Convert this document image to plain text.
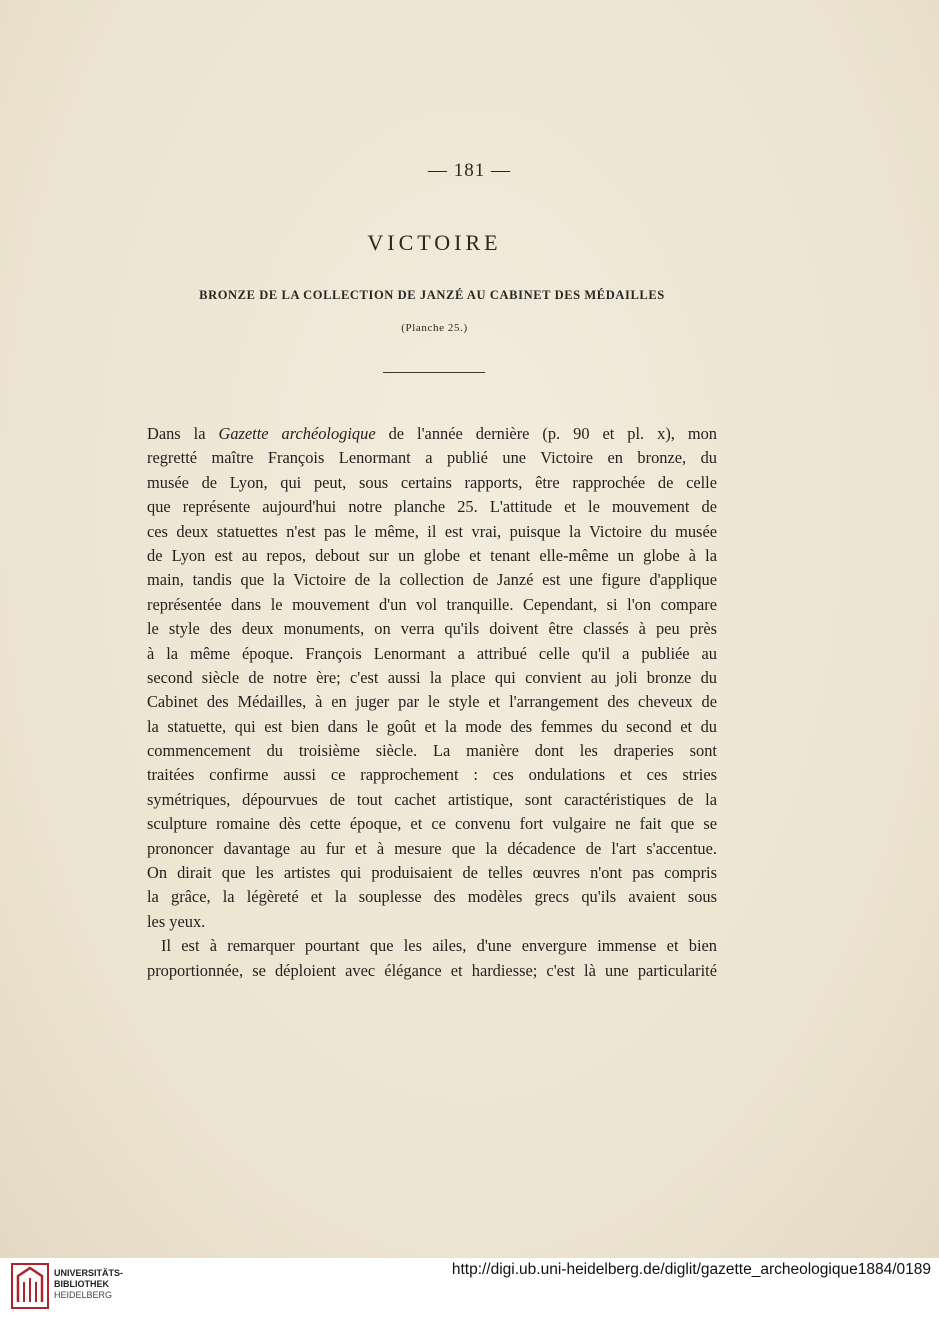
— 181 —
VICTOIRE
BRONZE DE LA COLLECTION DE JANZÉ AU CABINET DES MÉDAILLES
(Planche 25.)
Dans la Gazette archéologique de l'année dernière (p. 90 et pl. x), mon
regretté maître François Lenormant a publié une Victoire en bronze, du
musée de Lyon, qui peut, sous certains rapports, être rapprochée de celle
que représente aujourd'hui notre planche 25. L'attitude et le mouvement de
ces deux statuettes n'est pas le même, il est vrai, puisque la Victoire du musée
de Lyon est au repos, debout sur un globe et tenant elle-même un globe à la
main, tandis que la Victoire de la collection de Janzé est une figure d'applique
représentée dans le mouvement d'un vol tranquille. Cependant, si l'on compare
le style des deux monuments, on verra qu'ils doivent être classés à peu près
à la même époque. François Lenormant a attribué celle qu'il a publiée au
second siècle de notre ère; c'est aussi la place qui convient au joli bronze du
Cabinet des Médailles, à en juger par le style et l'arrangement des cheveux de
la statuette, qui est bien dans le goût et la mode des femmes du second et du
commencement du troisième siècle. La manière dont les draperies sont
traitées confirme aussi ce rapprochement : ces ondulations et ces stries
symétriques, dépourvues de tout cachet artistique, sont caractéristiques de la
sculpture romaine dès cette époque, et ce convenu fort vulgaire ne fait que se
prononcer davantage au fur et à mesure que la décadence de l'art s'accentue.
On dirait que les artistes qui produisaient de telles œuvres n'ont pas compris
la grâce, la légèreté et la souplesse des modèles grecs qu'ils avaient sous
les yeux.
Il est à remarquer pourtant que les ailes, d'une envergure immense et bien
proportionnée, se déploient avec élégance et hardiesse; c'est là une particularité
UNIVERSITÄTS-
BIBLIOTHEK
HEIDELBERG
http://digi.ub.uni-heidelberg.de/diglit/gazette_archeologique1884/0189
